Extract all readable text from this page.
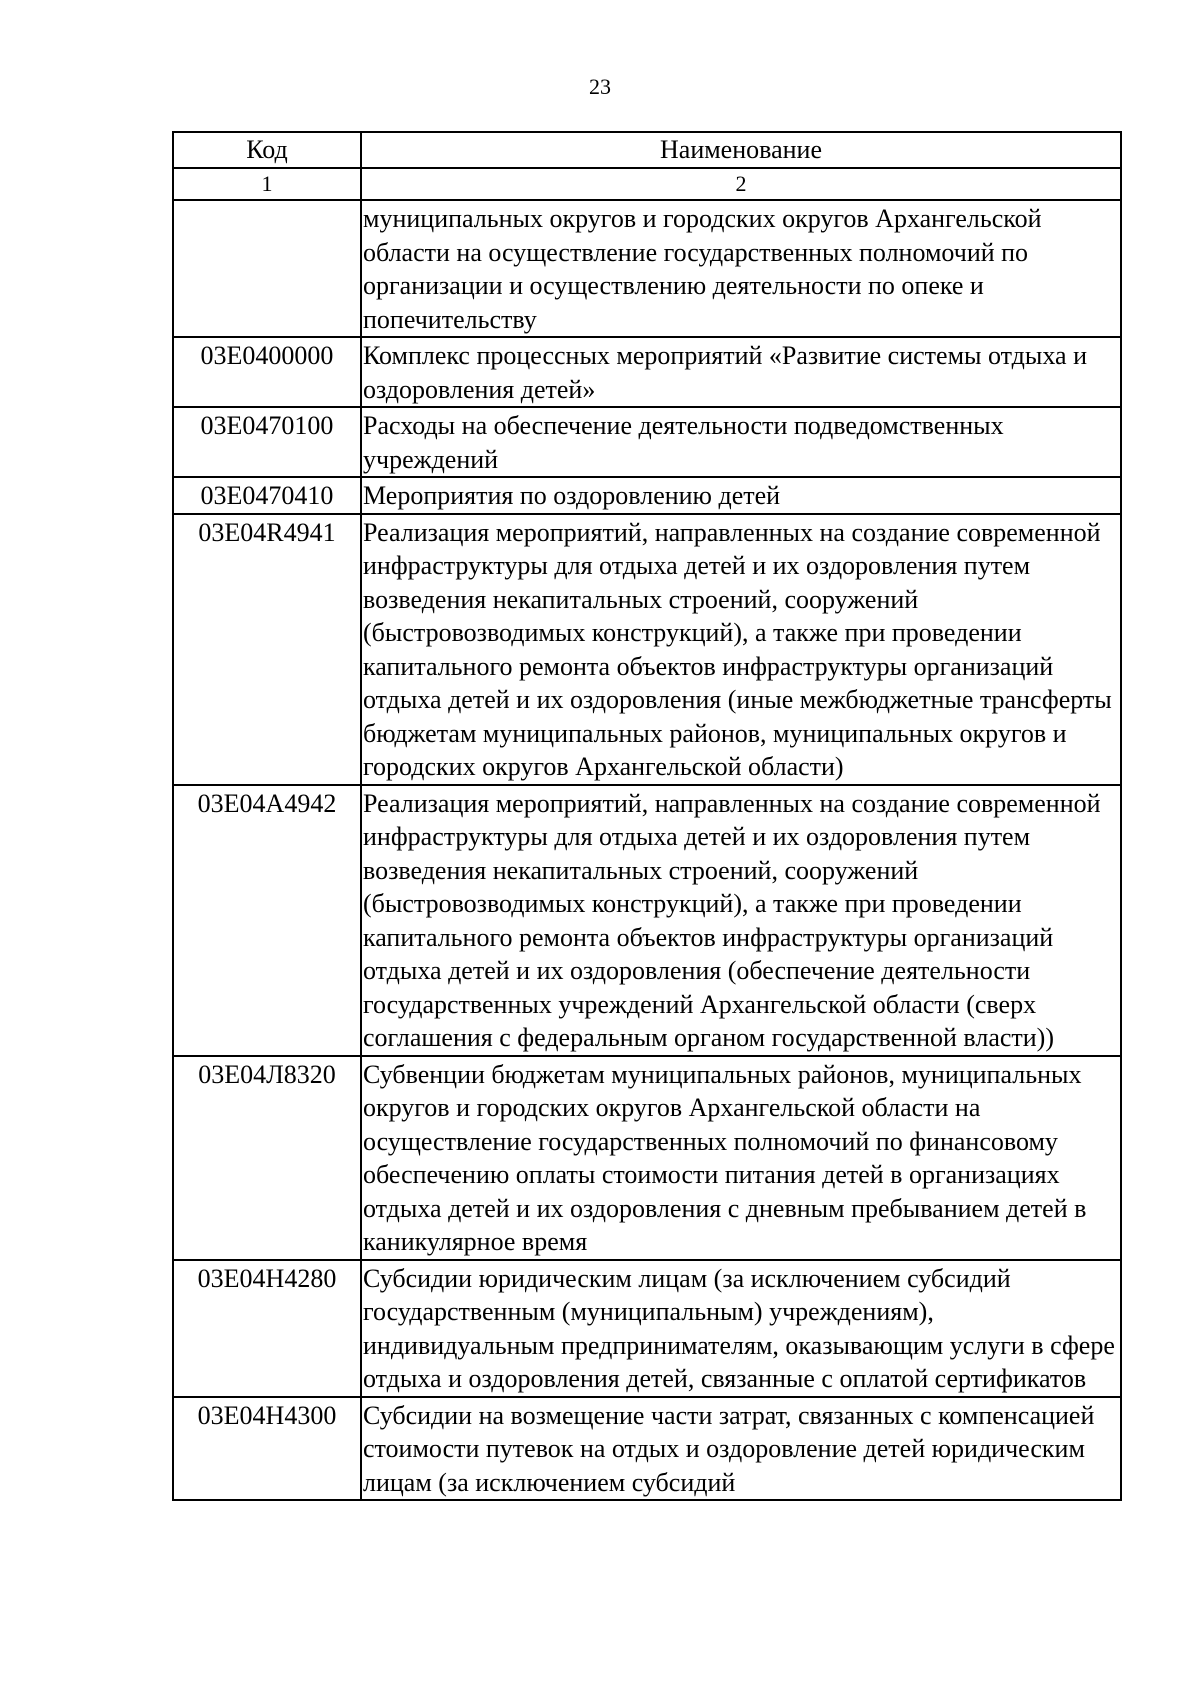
23
Код	Наименование
1	2
	муниципальных округов и городских округов Архангельской области на осуществление государственных полномочий по организации и осуществлению деятельности по опеке и попечительству
03Е0400000	Комплекс процессных мероприятий «Развитие системы отдыха и оздоровления детей»
03Е0470100	Расходы на обеспечение деятельности подведомственных учреждений
03Е0470410	Мероприятия по оздоровлению детей
03Е04R4941	Реализация мероприятий, направленных на создание современной инфраструктуры для отдыха детей и их оздоровления путем возведения некапитальных строений, сооружений (быстровозводимых конструкций), а также при проведении капитального ремонта объектов инфраструктуры организаций отдыха детей и их оздоровления (иные межбюджетные трансферты бюджетам муниципальных районов, муниципальных округов и городских округов Архангельской области)
03Е04А4942	Реализация мероприятий, направленных на создание современной инфраструктуры для отдыха детей и их оздоровления путем возведения некапитальных строений, сооружений (быстровозводимых конструкций), а также при проведении капитального ремонта объектов инфраструктуры организаций отдыха детей и их оздоровления (обеспечение деятельности государственных учреждений Архангельской области (сверх соглашения с федеральным органом государственной власти))
03Е04Л8320	Субвенции бюджетам муниципальных районов, муниципальных округов и городских округов Архангельской области на осуществление государственных полномочий по финансовому обеспечению оплаты стоимости питания детей в организациях отдыха детей и их оздоровления с дневным пребыванием детей в каникулярное время
03Е04Н4280	Субсидии юридическим лицам (за исключением субсидий государственным (муниципальным) учреждениям), индивидуальным предпринимателям, оказывающим услуги в сфере отдыха и оздоровления детей, связанные с оплатой сертификатов
03Е04Н4300	Субсидии на возмещение части затрат, связанных с компенсацией стоимости путевок на отдых и оздоровление детей юридическим лицам (за исключением субсидий
